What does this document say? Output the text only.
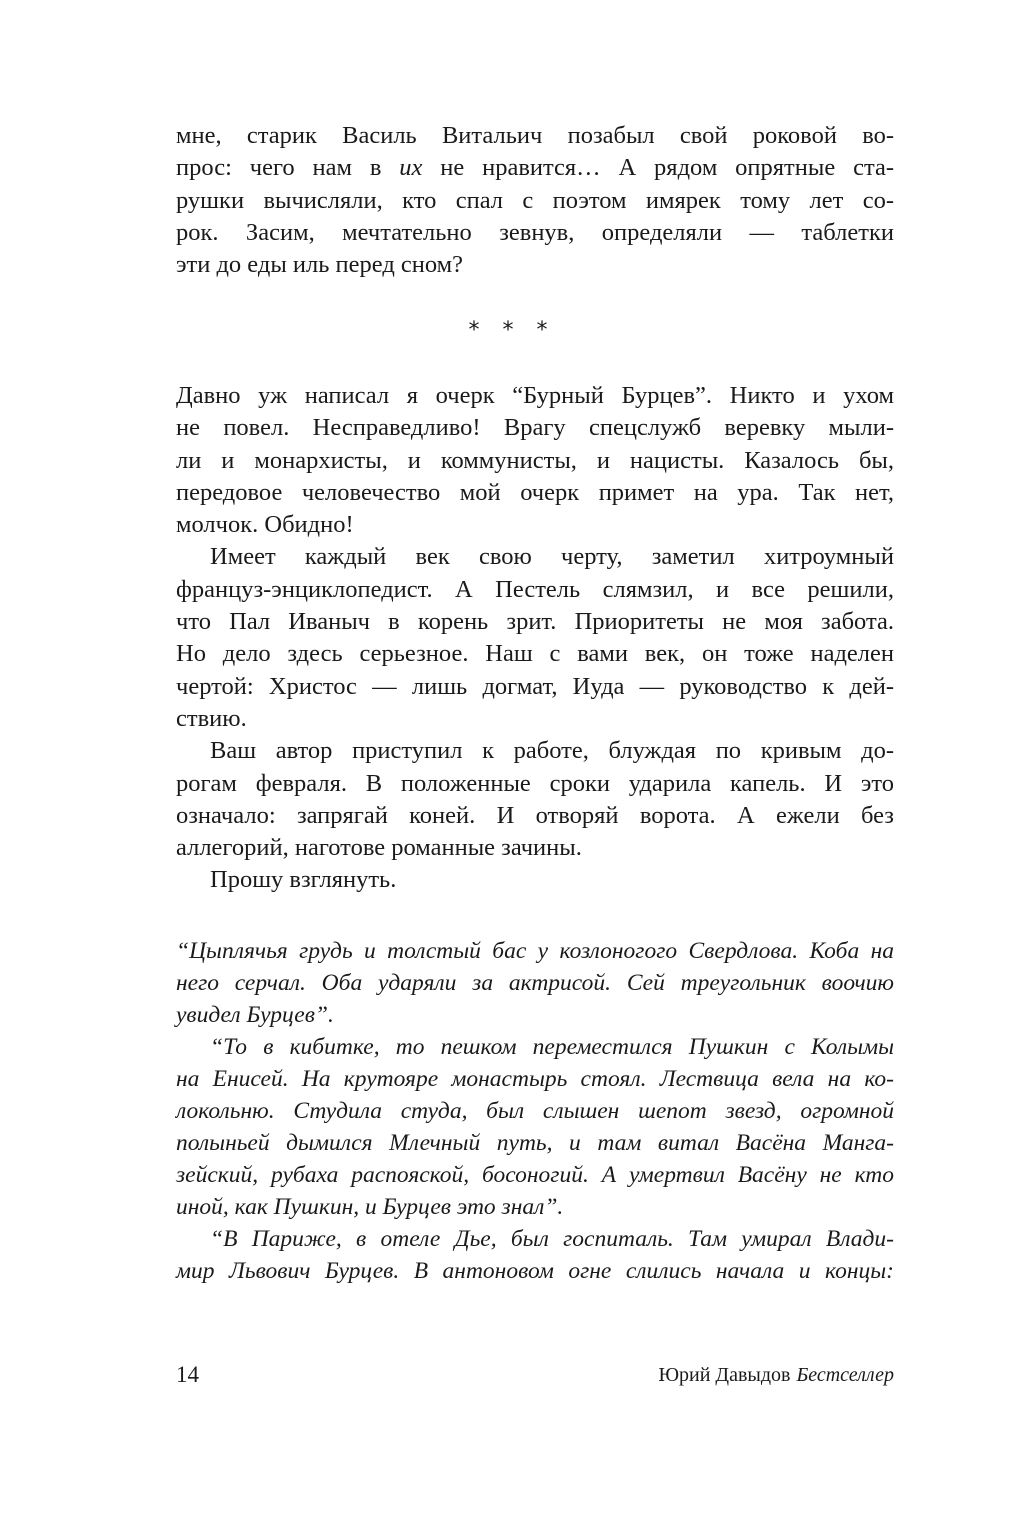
мне, старик Василь Витальич позабыл свой роковой во-
прос: чего нам в их не нравится… А рядом опрятные ста-
рушки вычисляли, кто спал с поэтом имярек тому лет со-
рок. Засим, мечтательно зевнув, определяли — таблетки
эти до еды иль перед сном?
* * *
Давно уж написал я очерк “Бурный Бурцев”. Никто и ухом
не повел. Несправедливо! Врагу спецслужб веревку мыли-
ли и монархисты, и коммунисты, и нацисты. Казалось бы,
передовое человечество мой очерк примет на ура. Так нет,
молчок. Обидно!
Имеет каждый век свою черту, заметил хитроумный
француз-энциклопедист. А Пестель слямзил, и все решили,
что Пал Иваныч в корень зрит. Приоритеты не моя забота.
Но дело здесь серьезное. Наш с вами век, он тоже наделен
чертой: Христос — лишь догмат, Иуда — руководство к дей-
ствию.
Ваш автор приступил к работе, блуждая по кривым до-
рогам февраля. В положенные сроки ударила капель. И это
означало: запрягай коней. И отворяй ворота. А ежели без
аллегорий, наготове романные зачины.
Прошу взглянуть.
“Цыплячья грудь и толстый бас у козлоногого Свердлова. Коба на
него серчал. Оба ударяли за актрисой. Сей треугольник воочию
увидел Бурцев”.
“То в кибитке, то пешком переместился Пушкин с Колымы
на Енисей. На крутояре монастырь стоял. Лествица вела на ко-
локольню. Студила студа, был слышен шепот звезд, огромной
полыньей дымился Млечный путь, и там витал Васёна Манга-
зейский, рубаха распояской, босоногий. А умертвил Васёну не кто
иной, как Пушкин, и Бурцев это знал”.
“В Париже, в отеле Дье, был госпиталь. Там умирал Влади-
мир Львович Бурцев. В антоновом огне слились начала и концы:
14	Юрий Давыдов Бестселлер
